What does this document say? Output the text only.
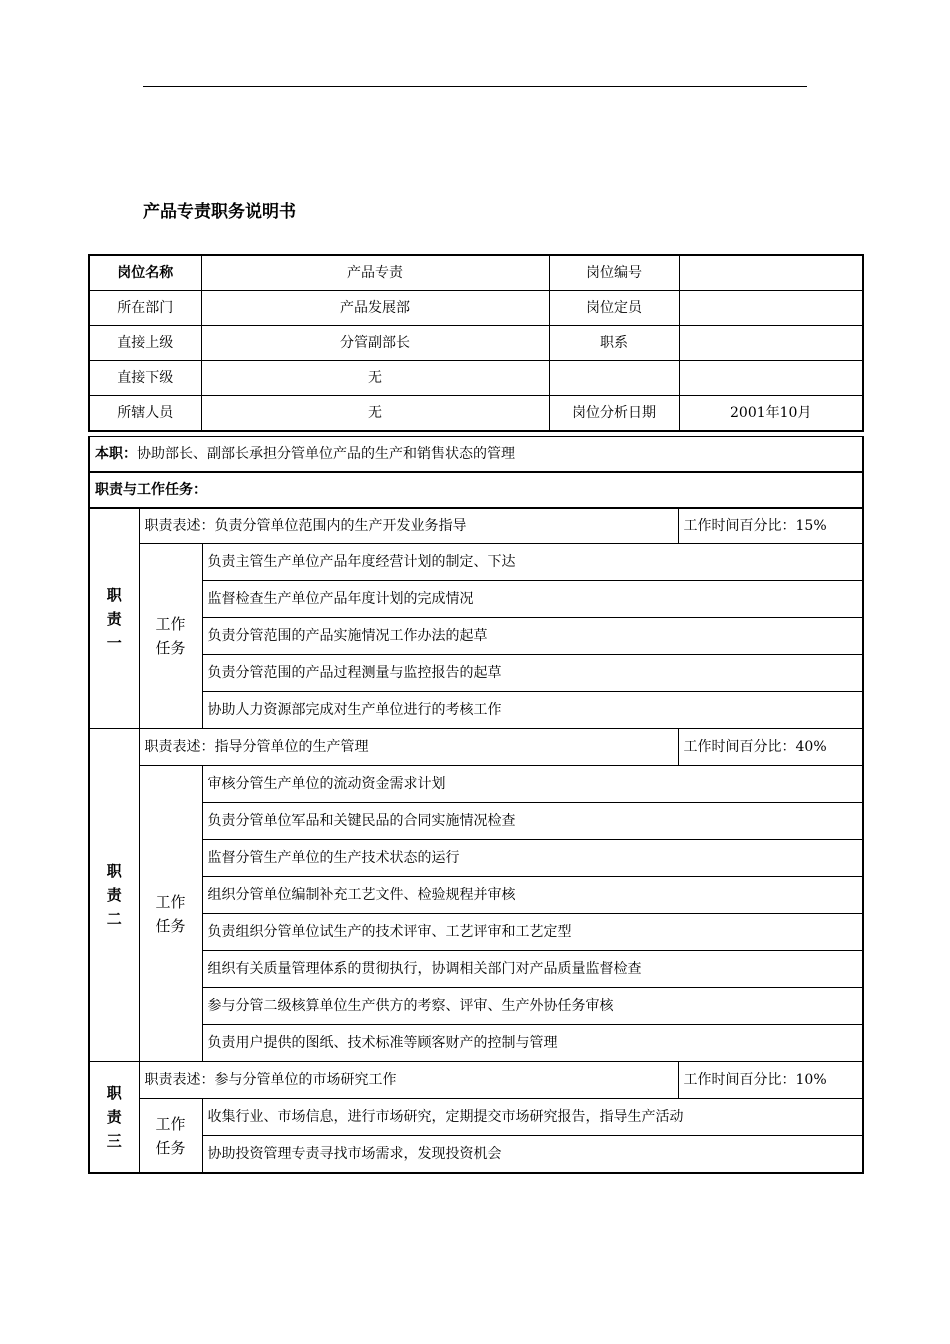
产品专责职务说明书
岗位名称	产品专责	岗位编号	
所在部门	产品发展部	岗位定员	
直接上级	分管副部长	职系	
直接下级	无		
所辖人员	无	岗位分析日期	2001年10月
本职：协助部长、副部长承担分管单位产品的生产和销售状态的管理
职责与工作任务：
职
责
一	职责表述：负责分管单位范围内的生产开发业务指导		工作时间百分比：15%
	工作
任务	负责主管生产单位产品年度经营计划的制定、下达	
		监督检查生产单位产品年度计划的完成情况	
		负责分管范围的产品实施情况工作办法的起草	
		负责分管范围的产品过程测量与监控报告的起草	
		协助人力资源部完成对生产单位进行的考核工作	
职
责
二	职责表述：指导分管单位的生产管理		工作时间百分比：40%
	工作
任务	审核分管生产单位的流动资金需求计划	
		负责分管单位军品和关键民品的合同实施情况检查	
		监督分管生产单位的生产技术状态的运行	
		组织分管单位编制补充工艺文件、检验规程并审核	
		负责组织分管单位试生产的技术评审、工艺评审和工艺定型	
		组织有关质量管理体系的贯彻执行，协调相关部门对产品质量监督检查	
		参与分管二级核算单位生产供方的考察、评审、生产外协任务审核	
		负责用户提供的图纸、技术标准等顾客财产的控制与管理	
职
责
三	职责表述：参与分管单位的市场研究工作		工作时间百分比：10%
	工作
任务	收集行业、市场信息，进行市场研究，定期提交市场研究报告，指导生产活动	
		协助投资管理专责寻找市场需求，发现投资机会	
